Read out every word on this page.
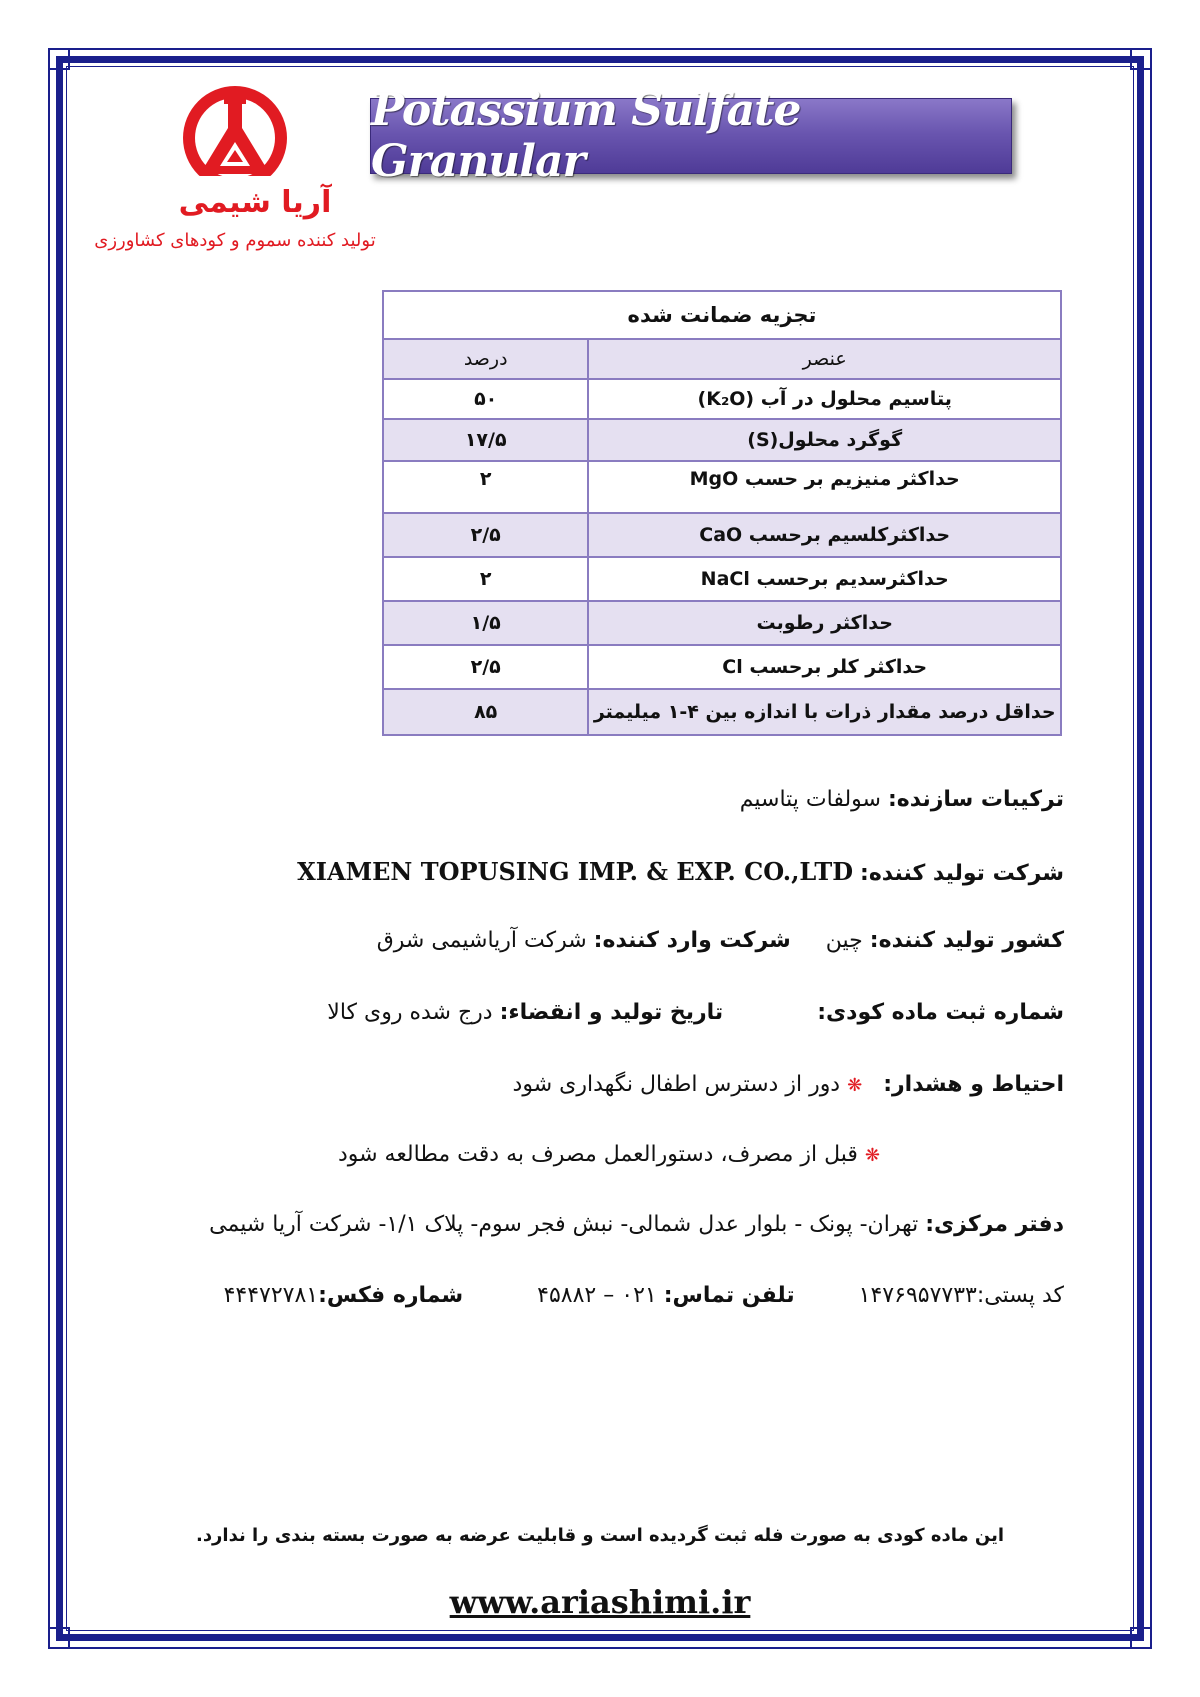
آریا شیمی
تولید کننده سموم و کودهای کشاورزی
Potassium Sulfate Granular
تجزیه ضمانت شده	
عنصر	درصد
پتاسیم محلول در آب (K₂O)	۵۰
گوگرد محلول(S)	۱۷/۵
حداکثر منیزیم بر حسب MgO	۲
حداکثرکلسیم برحسب CaO	۲/۵
حداکثرسدیم برحسب NaCl	۲
حداکثر رطوبت	۱/۵
حداکثر کلر برحسب Cl	۲/۵
حداقل درصد مقدار ذرات با اندازه بین ۴-۱ میلیمتر	۸۵
ترکیبات سازنده: سولفات پتاسیم
شرکت تولید کننده: XIAMEN TOPUSING IMP. & EXP. CO.,LTD
کشور تولید کننده: چین     شرکت وارد کننده: شرکت آریاشیمی شرق
شماره ثبت ماده کودی:  تاریخ تولید و انقضاء: درج شده روی کالا
احتیاط و هشدار:   ❋ دور از دسترس اطفال نگهداری شود
❋ قبل از مصرف، دستورالعمل مصرف به دقت مطالعه شود
دفتر مرکزی: تهران- پونک - بلوار عدل شمالی- نبش فجر سوم- پلاک ۱/۱- شرکت آریا شیمی
کد پستی:۱۴۷۶۹۵۷۷۳۳  تلفن تماس: ۰۲۱ – ۴۵۸۸۲  شماره فکس:۴۴۴۷۲۷۸۱
این ماده کودی به صورت فله ثبت گردیده است و قابلیت عرضه به صورت بسته بندی را ندارد.
www.ariashimi.ir
